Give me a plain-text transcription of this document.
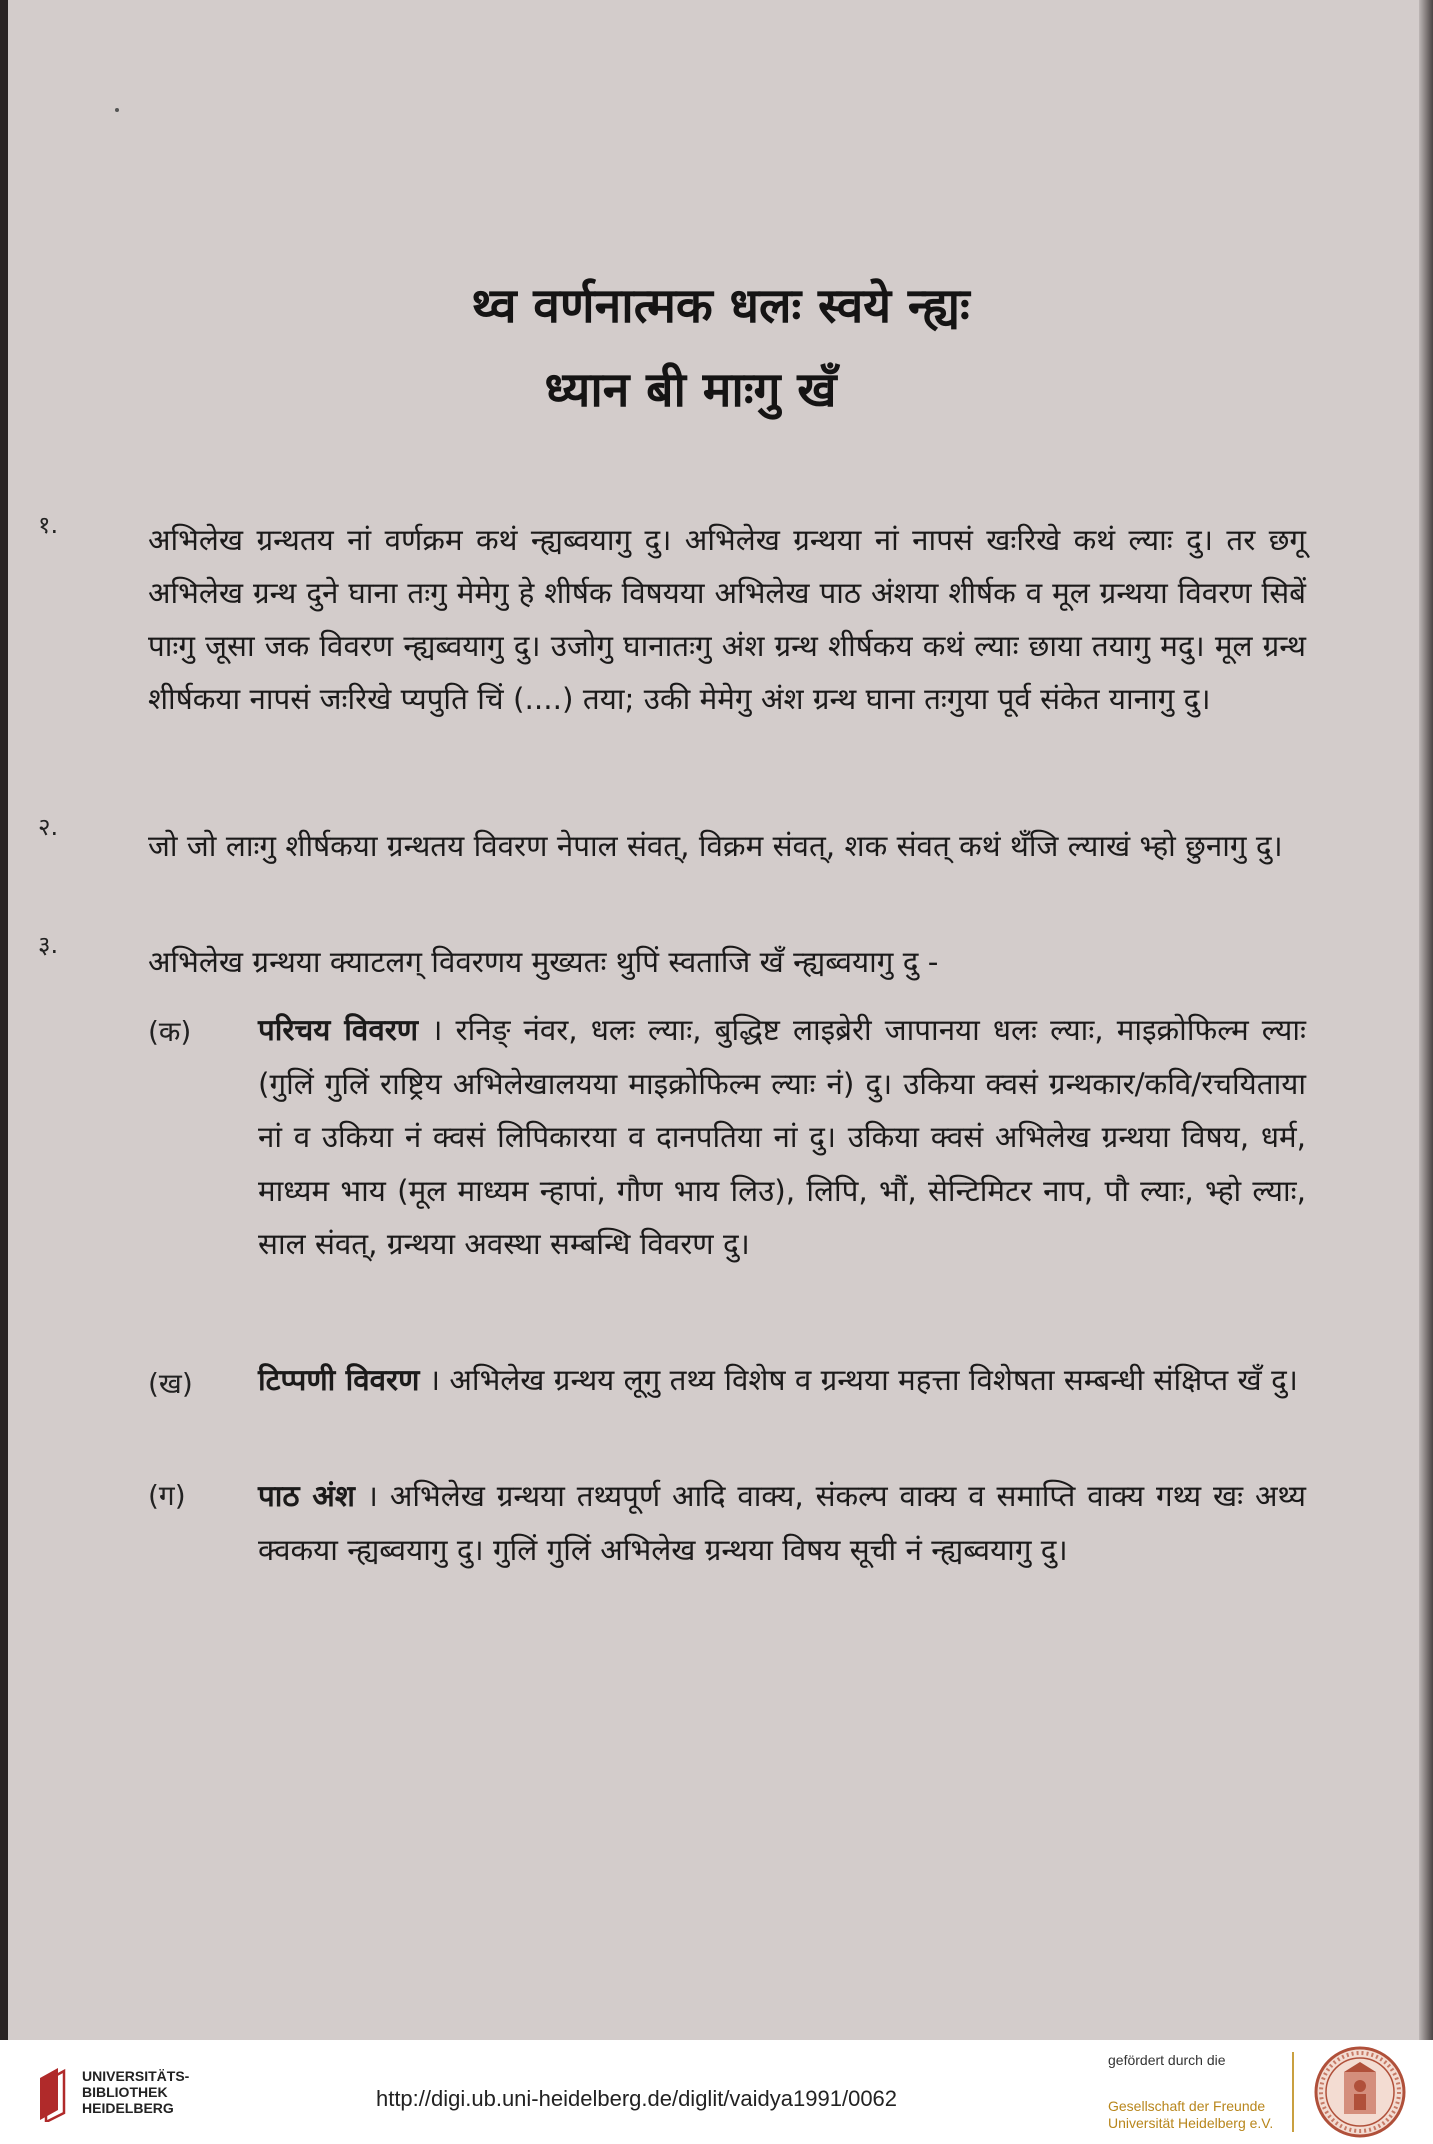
थ्व वर्णनात्मक धलः स्वये न्ह्यः
ध्यान बी माःगु खँ
१.	अभिलेख ग्रन्थतय नां वर्णक्रम कथं न्ह्यब्वयागु दु। अभिलेख ग्रन्थया नां नापसं खःरिखे कथं ल्याः दु। तर छगू अभिलेख ग्रन्थ दुने घाना तःगु मेमेगु हे शीर्षक विषयया अभिलेख पाठ अंशया शीर्षक व मूल ग्रन्थया विवरण सिबें पाःगु जूसा जक विवरण न्ह्यब्वयागु दु। उजोगु घानातःगु अंश ग्रन्थ शीर्षकय कथं ल्याः छाया तयागु मदु। मूल ग्रन्थ शीर्षकया नापसं जःरिखे प्यपुति चिं (....) तया; उकी मेमेगु अंश ग्रन्थ घाना तःगुया पूर्व संकेत यानागु दु।
२.
जो जो लाःगु शीर्षकया ग्रन्थतय विवरण नेपाल संवत्, विक्रम संवत्, शक संवत् कथं थँजि ल्याखं भ्हो छुनागु दु।
३.	अभिलेख ग्रन्थया क्याटलग् विवरणय मुख्यतः थुपिं स्वताजि खँ न्ह्यब्वयागु दु -
(क) परिचय विवरण । रनिङ् नंवर, धलः ल्याः, बुद्धिष्ट लाइब्रेरी जापानया धलः ल्याः, माइक्रोफिल्म ल्याः (गुलिं गुलिं राष्ट्रिय अभिलेखालयया माइक्रोफिल्म ल्याः नं) दु। उकिया क्वसं ग्रन्थकार/कवि/रचयिताया नां व उकिया नं क्वसं लिपिकारया व दानपतिया नां दु। उकिया क्वसं अभिलेख ग्रन्थया विषय, धर्म, माध्यम भाय (मूल माध्यम न्हापां, गौण भाय लिउ), लिपि, भौं, सेन्टिमिटर नाप, पौ ल्याः, भ्हो ल्याः, साल संवत्, ग्रन्थया अवस्था सम्बन्धि विवरण दु।
(ख) टिप्पणी विवरण । अभिलेख ग्रन्थय लूगु तथ्य विशेष व ग्रन्थया महत्ता विशेषता सम्बन्धी संक्षिप्त खँ दु।
(ग) पाठ अंश । अभिलेख ग्रन्थया तथ्यपूर्ण आदि वाक्य, संकल्प वाक्य व समाप्ति वाक्य गथ्य खः अथ्य क्वकया न्ह्यब्वयागु दु। गुलिं गुलिं अभिलेख ग्रन्थया विषय सूची नं न्ह्यब्वयागु दु।
UNIVERSITÄTS-
BIBLIOTHEK
HEIDELBERG	http://digi.ub.uni-heidelberg.de/diglit/vaidya1991/0062
gefördert durch die
Gesellschaft der Freunde
Universität Heidelberg e.V.
